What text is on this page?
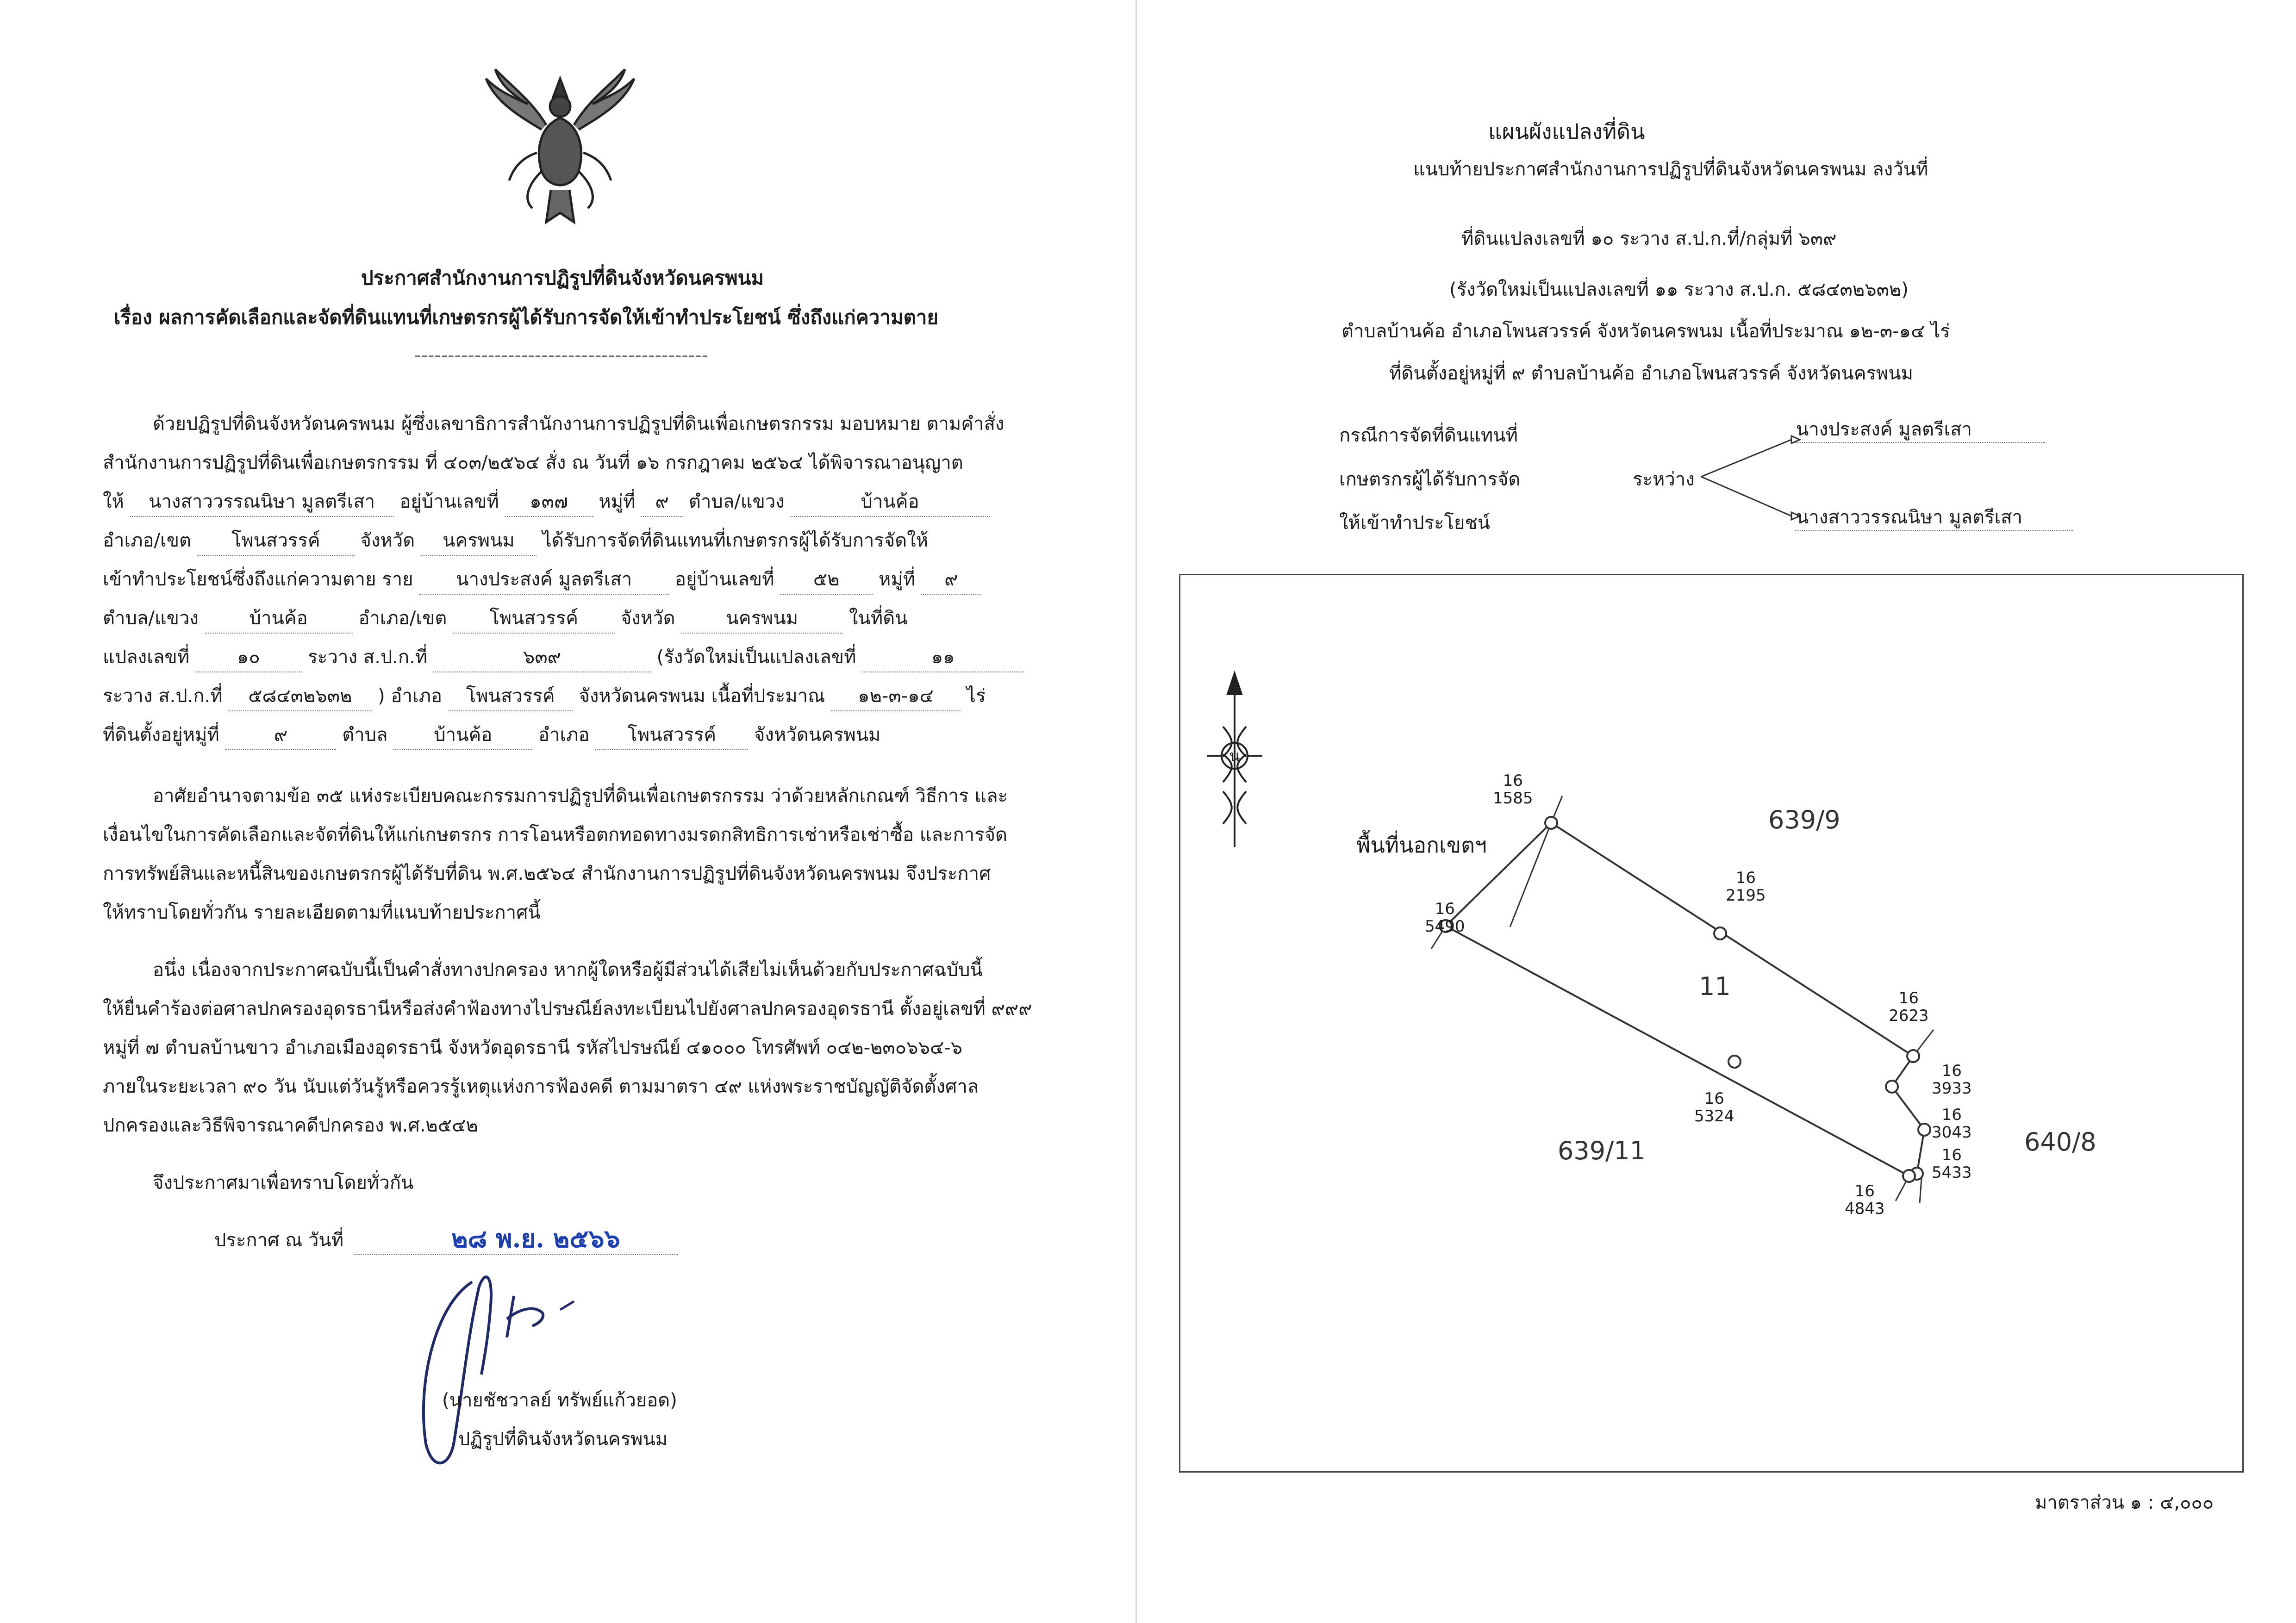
ประกาศสำนักงานการปฏิรูปที่ดินจังหวัดนครพนม
เรื่อง ผลการคัดเลือกและจัดที่ดินแทนที่เกษตรกรผู้ได้รับการจัดให้เข้าทำประโยชน์ ซึ่งถึงแก่ความตาย
--------------------------------------------
ด้วยปฏิรูปที่ดินจังหวัดนครพนม ผู้ซึ่งเลขาธิการสำนักงานการปฏิรูปที่ดินเพื่อเกษตรกรรม มอบหมาย ตามคำสั่ง
สำนักงานการปฏิรูปที่ดินเพื่อเกษตรกรรม ที่ ๔๐๓/๒๕๖๔ สั่ง ณ วันที่ ๑๖ กรกฎาคม ๒๕๖๔ ได้พิจารณาอนุญาต
ให้ นางสาววรรณนิษา มูลตรีเสา อยู่บ้านเลขที่ ๑๓๗ หมู่ที่ ๙ ตำบล/แขวง	บ้านค้อ
อำเภอ/เขต โพนสวรรค์ จังหวัด นครพนม ได้รับการจัดที่ดินแทนที่เกษตรกรผู้ได้รับการจัดให้
เข้าทำประโยชน์ซึ่งถึงแก่ความตาย ราย นางประสงค์ มูลตรีเสา อยู่บ้านเลขที่ ๕๒ หมู่ที่ ๙
ตำบล/แขวง	บ้านค้อ	อำเภอ/เขต โพนสวรรค์ จังหวัด	นครพนม	ในที่ดิน
แปลงเลขที่	๑๐	ระวาง ส.ป.ก.ที่	๖๓๙	(รังวัดใหม่เป็นแปลงเลขที่	๑๑
ระวาง ส.ป.ก.ที่ ๕๘๔๓๒๖๓๒ ) อำเภอ โพนสวรรค์ จังหวัดนครพนม เนื้อที่ประมาณ ๑๒-๓-๑๔ ไร่
ที่ดินตั้งอยู่หมู่ที่	๙	ตำบล บ้านค้อ อำเภอ โพนสวรรค์ จังหวัดนครพนม
อาศัยอำนาจตามข้อ ๓๕ แห่งระเบียบคณะกรรมการปฏิรูปที่ดินเพื่อเกษตรกรรม ว่าด้วยหลักเกณฑ์ วิธีการ และ
เงื่อนไขในการคัดเลือกและจัดที่ดินให้แก่เกษตรกร การโอนหรือตกทอดทางมรดกสิทธิการเช่าหรือเช่าซื้อ และการจัด
การทรัพย์สินและหนี้สินของเกษตรกรผู้ได้รับที่ดิน พ.ศ.๒๕๖๔ สำนักงานการปฏิรูปที่ดินจังหวัดนครพนม จึงประกาศ
ให้ทราบโดยทั่วกัน รายละเอียดตามที่แนบท้ายประกาศนี้
อนึ่ง เนื่องจากประกาศฉบับนี้เป็นคำสั่งทางปกครอง หากผู้ใดหรือผู้มีส่วนได้เสียไม่เห็นด้วยกับประกาศฉบับนี้
ให้ยื่นคำร้องต่อศาลปกครองอุดรธานีหรือส่งคำฟ้องทางไปรษณีย์ลงทะเบียนไปยังศาลปกครองอุดรธานี ตั้งอยู่เลขที่ ๙๙๙
หมู่ที่ ๗ ตำบลบ้านขาว อำเภอเมืองอุดรธานี จังหวัดอุดรธานี รหัสไปรษณีย์ ๔๑๐๐๐ โทรศัพท์ ๐๔๒-๒๓๐๖๖๔-๖
ภายในระยะเวลา ๙๐ วัน นับแต่วันรู้หรือควรรู้เหตุแห่งการฟ้องคดี ตามมาตรา ๔๙ แห่งพระราชบัญญัติจัดตั้งศาล
ปกครองและวิธีพิจารณาคดีปกครอง พ.ศ.๒๕๔๒
จึงประกาศมาเพื่อทราบโดยทั่วกัน
ประกาศ ณ วันที่	๒๘ พ.ย. ๒๕๖๖
(นายชัชวาลย์ ทรัพย์แก้วยอด)
ปฏิรูปที่ดินจังหวัดนครพนม
แผนผังแปลงที่ดิน
แนบท้ายประกาศสำนักงานการปฏิรูปที่ดินจังหวัดนครพนม ลงวันที่
ที่ดินแปลงเลขที่ ๑๐ ระวาง ส.ป.ก.ที่/กลุ่มที่ ๖๓๙
(รังวัดใหม่เป็นแปลงเลขที่ ๑๑ ระวาง ส.ป.ก. ๕๘๔๓๒๖๓๒)
ตำบลบ้านค้อ อำเภอโพนสวรรค์ จังหวัดนครพนม เนื้อที่ประมาณ ๑๒-๓-๑๔ ไร่
ที่ดินตั้งอยู่หมู่ที่ ๙ ตำบลบ้านค้อ อำเภอโพนสวรรค์ จังหวัดนครพนม
กรณีการจัดที่ดินแทนที่
เกษตรกรผู้ได้รับการจัด
ให้เข้าทำประโยชน์
ระหว่าง
นางประสงค์ มูลตรีเสา
นางสาววรรณนิษา มูลตรีเสา
น
พื้นที่นอกเขตฯ
639/9
639/11	640/8
11
16
1585
16
2195
16
5490
16
2623
16
3933
16
3043
16
5433
16
5324
16
4843
มาตราส่วน ๑ : ๔,๐๐๐
